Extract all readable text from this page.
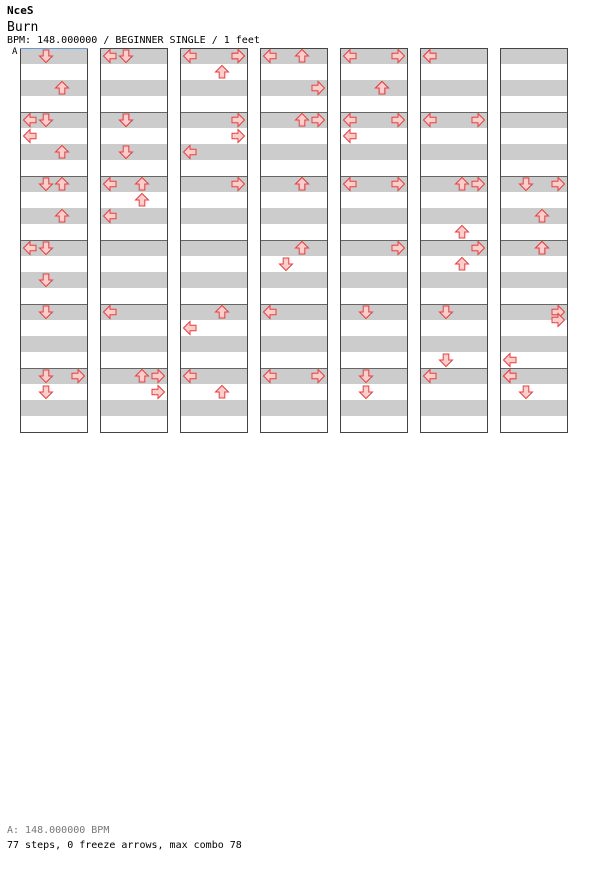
NceS
Burn
BPM: 148.000000 / BEGINNER SINGLE / 1 feet
A
A: 148.000000 BPM
77 steps, 0 freeze arrows, max combo 78
